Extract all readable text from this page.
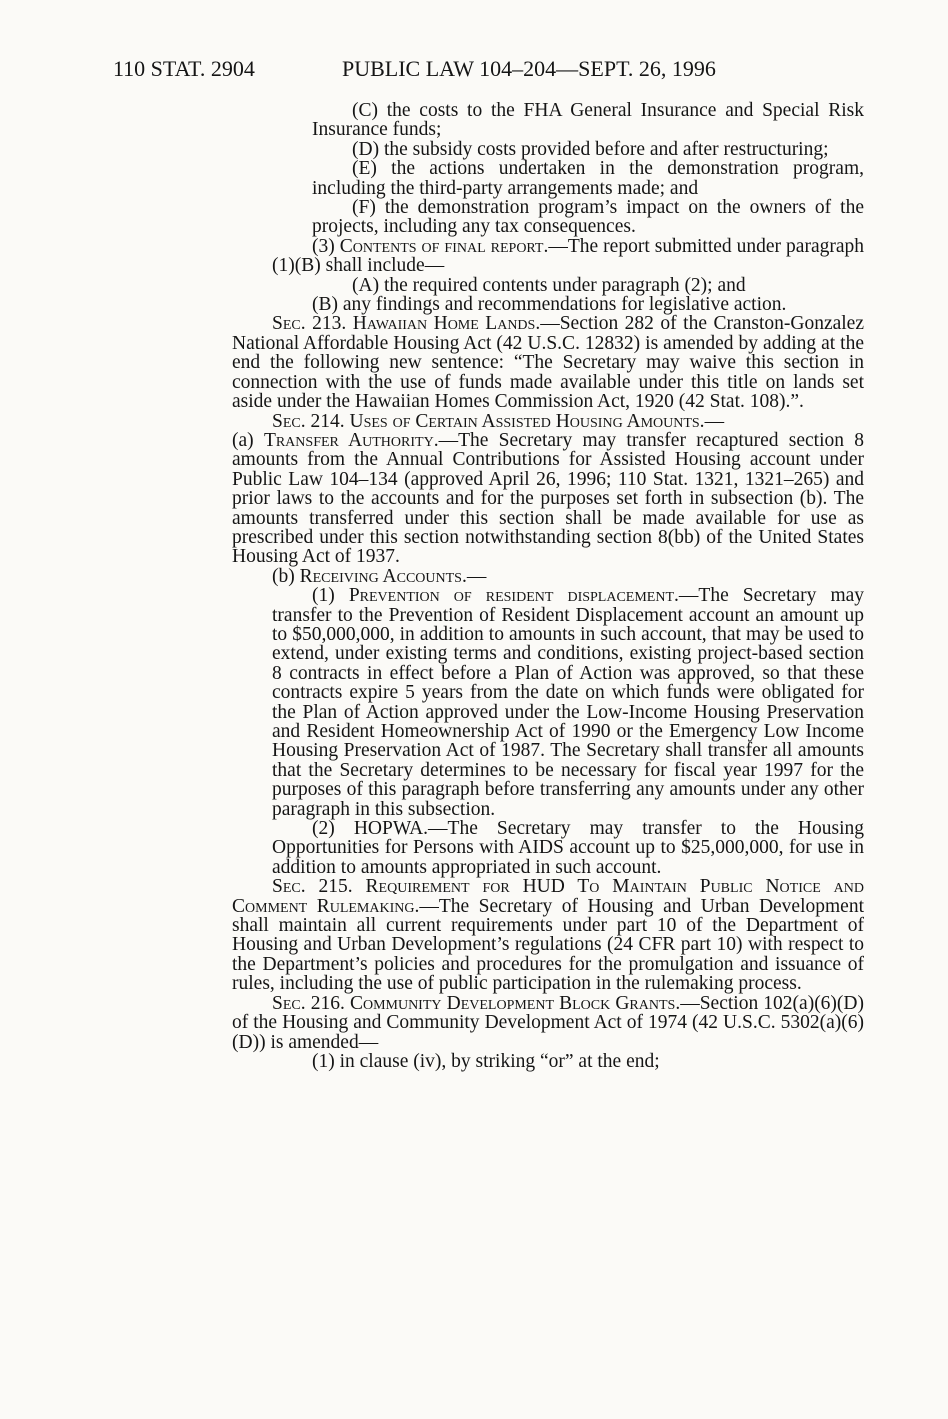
110 STAT. 2904	PUBLIC LAW 104–204—SEPT. 26, 1996

(C) the costs to the FHA General Insurance and Special Risk Insurance funds;

(D) the subsidy costs provided before and after restructuring;

(E) the actions undertaken in the demonstration program, including the third-party arrangements made; and

(F) the demonstration program’s impact on the owners of the projects, including any tax consequences.

(3) Contents of final report.—The report submitted under paragraph (1)(B) shall include—

(A) the required contents under paragraph (2); and

(B) any findings and recommendations for legislative action.

Sec. 213. Hawaiian Home Lands.—Section 282 of the Cranston-Gonzalez National Affordable Housing Act (42 U.S.C. 12832) is amended by adding at the end the following new sentence: “The Secretary may waive this section in connection with the use of funds made available under this title on lands set aside under the Hawaiian Homes Commission Act, 1920 (42 Stat. 108).”.

Sec. 214. Uses of Certain Assisted Housing Amounts.—

(a) Transfer Authority.—The Secretary may transfer recaptured section 8 amounts from the Annual Contributions for Assisted Housing account under Public Law 104–134 (approved April 26, 1996; 110 Stat. 1321, 1321–265) and prior laws to the accounts and for the purposes set forth in subsection (b). The amounts transferred under this section shall be made available for use as prescribed under this section notwithstanding section 8(bb) of the United States Housing Act of 1937.

(b) Receiving Accounts.—

(1) Prevention of resident displacement.—The Secretary may transfer to the Prevention of Resident Displacement account an amount up to $50,000,000, in addition to amounts in such account, that may be used to extend, under existing terms and conditions, existing project-based section 8 contracts in effect before a Plan of Action was approved, so that these contracts expire 5 years from the date on which funds were obligated for the Plan of Action approved under the Low-Income Housing Preservation and Resident Homeownership Act of 1990 or the Emergency Low Income Housing Preservation Act of 1987. The Secretary shall transfer all amounts that the Secretary determines to be necessary for fiscal year 1997 for the purposes of this paragraph before transferring any amounts under any other paragraph in this subsection.

(2) HOPWA.—The Secretary may transfer to the Housing Opportunities for Persons with AIDS account up to $25,000,000, for use in addition to amounts appropriated in such account.

Sec. 215. Requirement for HUD To Maintain Public Notice and Comment Rulemaking.—The Secretary of Housing and Urban Development shall maintain all current requirements under part 10 of the Department of Housing and Urban Development’s regulations (24 CFR part 10) with respect to the Department’s policies and procedures for the promulgation and issuance of rules, including the use of public participation in the rulemaking process.

Sec. 216. Community Development Block Grants.—Section 102(a)(6)(D) of the Housing and Community Development Act of 1974 (42 U.S.C. 5302(a)(6)(D)) is amended—

(1) in clause (iv), by striking “or” at the end;
